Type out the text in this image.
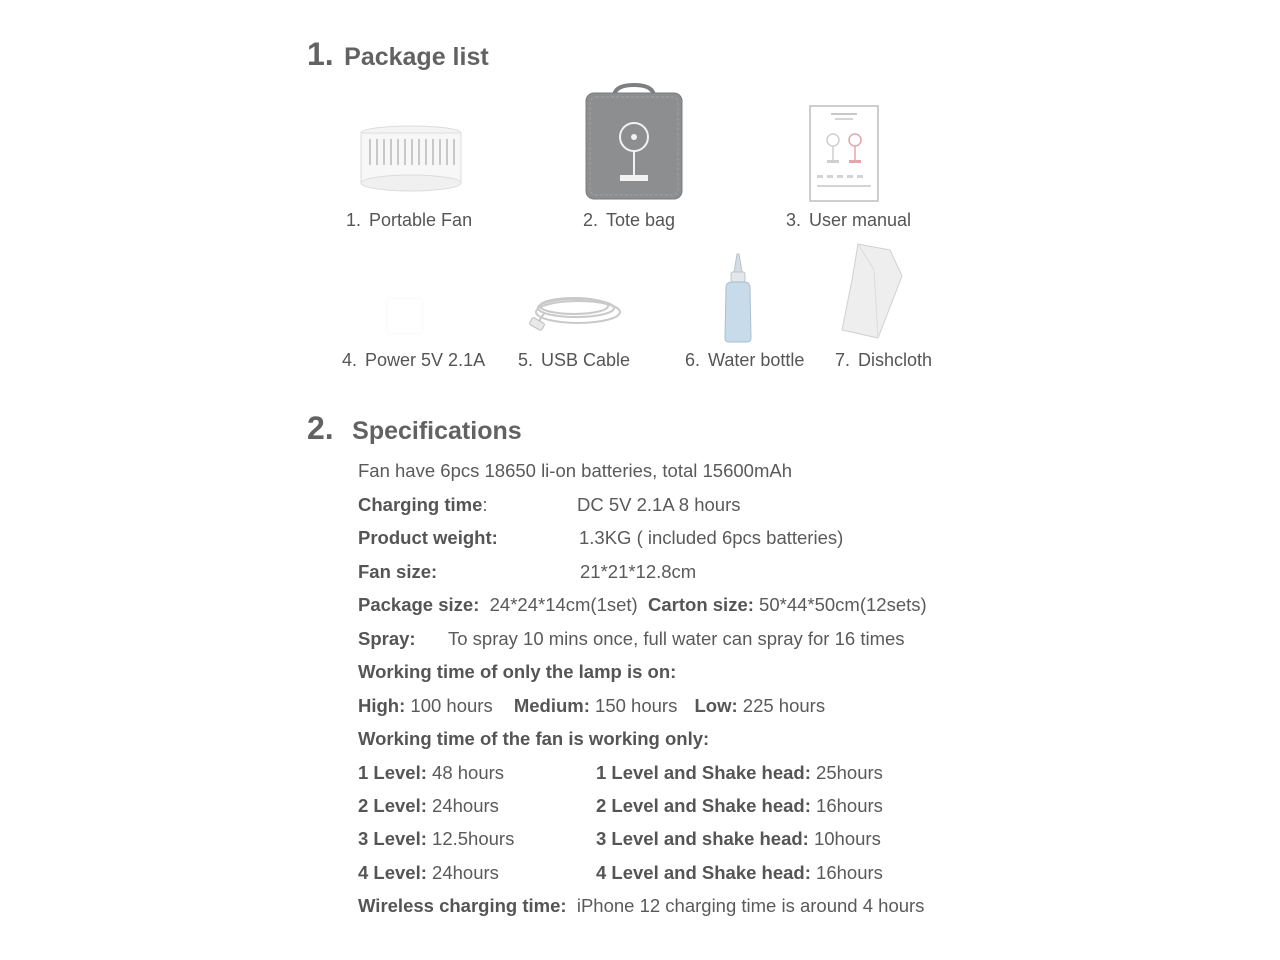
1. Package list
1. Portable Fan	2. Tote bag	3. User manual
4. Power 5V 2.1A 5. USB Cable	6. Water bottle 7. Dishcloth
2. Specifications
Fan have 6pcs 18650 li-on batteries, total 15600mAh
Charging time:	DC 5V 2.1A 8 hours
Product weight:	1.3KG ( included 6pcs batteries)
Fan size:	21*21*12.8cm
Package size: 24*24*14cm(1set) Carton size: 50*44*50cm(12sets)
Spray: To spray 10 mins once, full water can spray for 16 times
Working time of only the lamp is on:
High: 100 hours Medium: 150 hours Low: 225 hours
Working time of the fan is working only:
1 Level: 48 hours	1 Level and Shake head: 25hours
2 Level: 24hours	2 Level and Shake head: 16hours
3 Level: 12.5hours	3 Level and shake head: 10hours
4 Level: 24hours	4 Level and Shake head: 16hours
Wireless charging time: iPhone 12 charging time is around 4 hours
